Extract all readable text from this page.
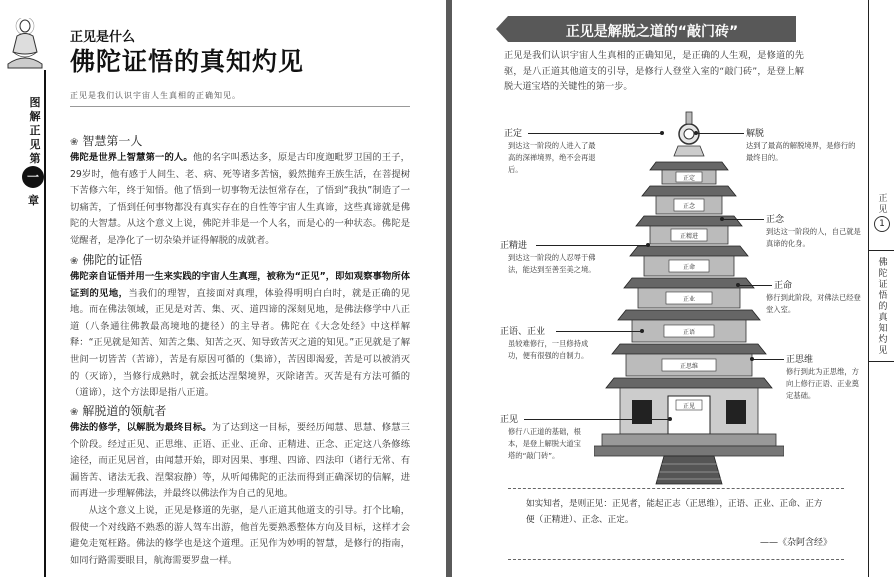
图解正见
第
一
章
正见是什么
佛陀证悟的真知灼见
正见是我们认识宇宙人生真相的正确知见。
❀ 智慧第一人
佛陀是世界上智慧第一的人。他的名字叫悉达多，原是古印度迦毗罗卫国的王子，29岁时，他有感于人间生、老、病、死等诸多苦恼，毅然抛弃王族生活，在菩提树下苦修六年，终于知悟。他了悟到一切事物无法恒常存在，了悟到“我执”制造了一切痛苦，了悟到任何事物都没有真实存在的自性等宇宙人生真谛，这些真谛就是佛陀的大智慧。从这个意义上说，佛陀并非是一个人名，而是心的一种状态。佛陀是觉醒者，是净化了一切杂染并证得解脱的成就者。
❀ 佛陀的证悟
佛陀亲自证悟并用一生来实践的宇宙人生真理，被称为“正见”，即如观察事物所体证到的见地，当我们的理智，直接面对真理，体验得明明白白时，就是正确的见地。而在佛法领域，正见是对苦、集、灭、道四谛的深刻见地，是佛法修学中八正道（八条通往佛教最高境地的捷径）的主导者。佛陀在《大念处经》中这样解释：“正见就是知苦、知苦之集、知苦之灭、知导致苦灭之道的知见。”正见就是了解世间一切皆苦（苦谛），苦是有原因可循的（集谛），苦因即渴爱，苦是可以被消灭的（灭谛），当修行成熟时，就会抵达涅槃境界，灭除诸苦。灭苦是有方法可循的（道谛），这个方法即是指八正道。
❀ 解脱道的领航者
佛法的修学，以解脱为最终目标。为了达到这一目标，要经历闻慧、思慧、修慧三个阶段。经过正见、正思维、正语、正业、正命、正精进、正念、正定这八条修练途径，而正见居首，由闻慧开始，即对因果、事理、四谛、四法印（诸行无常、有漏皆苦、诸法无我、涅槃寂静）等，从听闻佛陀的正法而得到正确深切的信解，进而再进一步理解佛法，并最终以佛法作为自己的见地。
从这个意义上说，正见是修道的先驱，是八正道其他道支的引导。打个比喻，假使一个对线路不熟悉的游人驾车出游，他首先要熟悉整体方向及目标，这样才会避免走冤枉路。佛法的修学也是这个道理。正见作为妙明的智慧，是修行的指南，如同行路需要眼目，航海需要罗盘一样。
正见是解脱之道的“敲门砖”
正见是我们认识宇宙人生真相的正确知见，是正确的人生观，是修道的先驱，是八正道其他道支的引导，是修行人登堂入室的“敲门砖”，是登上解脱大道宝塔的关键性的第一步。
正定
正念
正精进
正命
正业
正语
正思维
正见
正定
到达这一阶段的人进入了最高的深禅境界，绝不会再退后。
正精进
到达这一阶段的人忍辱于佛法，能达到至善至美之境。
正语、正业
虽较难修行，一旦修持成功，便有很强的自制力。
正见
修行八正道的基础，根本，是登上解脱大道宝塔的“敲门砖”。
解脱
达到了最高的解脱境界，是修行的最终目的。
正念
到达这一阶段的人，自己就是真谛的化身。
正命
修行到此阶段，对佛法已经登堂入室。
正思维
修行到此为正思维，方向上修行正语、正业奠定基础。
如实知者，是则正见：正见者，能起正志（正思维），正语、正业、正命、正方便（正精进）、正念、正定。
——《杂阿含经》
正见
1
佛陀证悟的真知灼见
